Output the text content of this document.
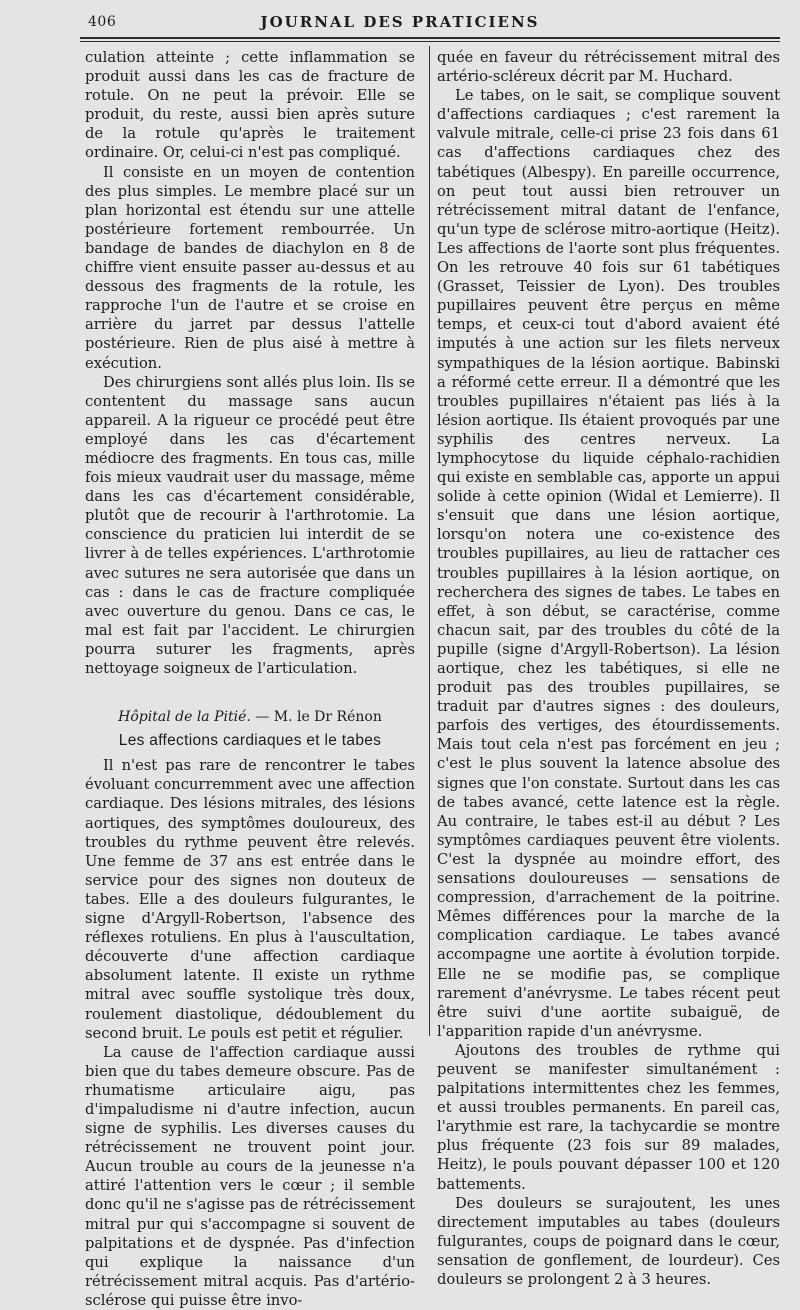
406	JOURNAL DES PRATICIENS

culation atteinte ; cette inflammation se produit aussi dans les cas de fracture de rotule. On ne peut la prévoir. Elle se produit, du reste, aussi bien après suture de la rotule qu'après le traitement ordinaire. Or, celui-ci n'est pas compliqué.

Il consiste en un moyen de contention des plus simples. Le membre placé sur un plan horizontal est étendu sur une attelle postérieure fortement rembourrée. Un bandage de bandes de diachylon en 8 de chiffre vient ensuite passer au-dessus et au dessous des fragments de la rotule, les rapproche l'un de l'autre et se croise en arrière du jarret par dessus l'attelle postérieure. Rien de plus aisé à mettre à exécution.

Des chirurgiens sont allés plus loin. Ils se contentent du massage sans aucun appareil. A la rigueur ce procédé peut être employé dans les cas d'écartement médiocre des fragments. En tous cas, mille fois mieux vaudrait user du massage, même dans les cas d'écartement considérable, plutôt que de recourir à l'arthrotomie. La conscience du praticien lui interdit de se livrer à de telles expériences. L'arthrotomie avec sutures ne sera autorisée que dans un cas : dans le cas de fracture compliquée avec ouverture du genou. Dans ce cas, le mal est fait par l'accident. Le chirurgien pourra suturer les fragments, après nettoyage soigneux de l'articulation.

Hôpital de la Pitié. — M. le Dr Rénon
Les affections cardiaques et le tabes

Il n'est pas rare de rencontrer le tabes évoluant concurremment avec une affection cardiaque. Des lésions mitrales, des lésions aortiques, des symptômes douloureux, des troubles du rythme peuvent être relevés. Une femme de 37 ans est entrée dans le service pour des signes non douteux de tabes. Elle a des douleurs fulgurantes, le signe d'Argyll-Robertson, l'absence des réflexes rotuliens. En plus à l'auscultation, découverte d'une affection cardiaque absolument latente. Il existe un rythme mitral avec souffle systolique très doux, roulement diastolique, dédoublement du second bruit. Le pouls est petit et régulier.

La cause de l'affection cardiaque aussi bien que du tabes demeure obscure. Pas de rhumatisme articulaire aigu, pas d'impaludisme ni d'autre infection, aucun signe de syphilis. Les diverses causes du rétrécissement ne trouvent point jour. Aucun trouble au cours de la jeunesse n'a attiré l'attention vers le cœur ; il semble donc qu'il ne s'agisse pas de rétrécissement mitral pur qui s'accompagne si souvent de palpitations et de dyspnée. Pas d'infection qui explique la naissance d'un rétrécissement mitral acquis. Pas d'artério-sclérose qui puisse être invo-

quée en faveur du rétrécissement mitral des artério-scléreux décrit par M. Huchard.

Le tabes, on le sait, se complique souvent d'affections cardiaques ; c'est rarement la valvule mitrale, celle-ci prise 23 fois dans 61 cas d'affections cardiaques chez des tabétiques (Albespy). En pareille occurrence, on peut tout aussi bien retrouver un rétrécissement mitral datant de l'enfance, qu'un type de sclérose mitro-aortique (Heitz). Les affections de l'aorte sont plus fréquentes. On les retrouve 40 fois sur 61 tabétiques (Grasset, Teissier de Lyon). Des troubles pupillaires peuvent être perçus en même temps, et ceux-ci tout d'abord avaient été imputés à une action sur les filets nerveux sympathiques de la lésion aortique. Babinski a réformé cette erreur. Il a démontré que les troubles pupillaires n'étaient pas liés à la lésion aortique. Ils étaient provoqués par une syphilis des centres nerveux. La lymphocytose du liquide céphalo-rachidien qui existe en semblable cas, apporte un appui solide à cette opinion (Widal et Lemierre). Il s'ensuit que dans une lésion aortique, lorsqu'on notera une co-existence des troubles pupillaires, au lieu de rattacher ces troubles pupillaires à la lésion aortique, on recherchera des signes de tabes. Le tabes en effet, à son début, se caractérise, comme chacun sait, par des troubles du côté de la pupille (signe d'Argyll-Robertson). La lésion aortique, chez les tabétiques, si elle ne produit pas des troubles pupillaires, se traduit par d'autres signes : des douleurs, parfois des vertiges, des étourdissements. Mais tout cela n'est pas forcément en jeu ; c'est le plus souvent la latence absolue des signes que l'on constate. Surtout dans les cas de tabes avancé, cette latence est la règle. Au contraire, le tabes est-il au début ? Les symptômes cardiaques peuvent être violents. C'est la dyspnée au moindre effort, des sensations douloureuses — sensations de compression, d'arrachement de la poitrine. Mêmes différences pour la marche de la complication cardiaque. Le tabes avancé accompagne une aortite à évolution torpide. Elle ne se modifie pas, se complique rarement d'anévrysme. Le tabes récent peut être suivi d'une aortite subaiguë, de l'apparition rapide d'un anévrysme.

Ajoutons des troubles de rythme qui peuvent se manifester simultanément : palpitations intermittentes chez les femmes, et aussi troubles permanents. En pareil cas, l'arythmie est rare, la tachycardie se montre plus fréquente (23 fois sur 89 malades, Heitz), le pouls pouvant dépasser 100 et 120 battements.

Des douleurs se surajoutent, les unes directement imputables au tabes (douleurs fulgurantes, coups de poignard dans le cœur, sensation de gonflement, de lourdeur). Ces douleurs se prolongent 2 à 3 heures.
